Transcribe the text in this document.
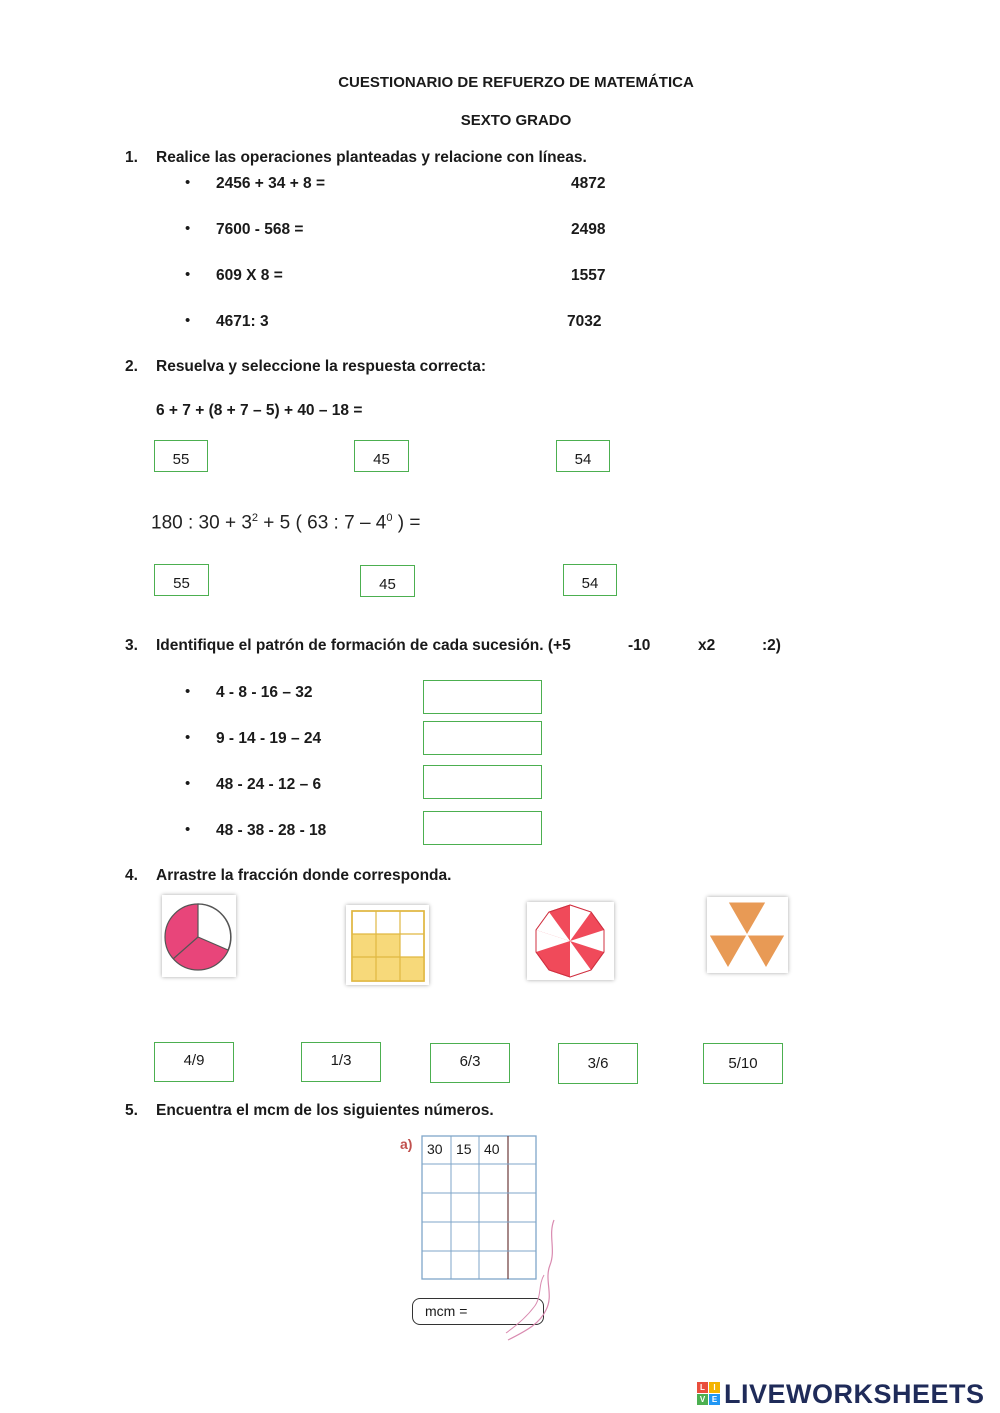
CUESTIONARIO DE REFUERZO DE MATEMÁTICA
SEXTO GRADO
1. Realice las operaciones planteadas y relacione con líneas.
• 2456 + 34 + 8 =	4872
• 7600 - 568 =	2498
• 609 X 8 =	1557
• 4671: 3	7032
2. Resuelva y seleccione la respuesta correcta:
6 + 7 + (8 + 7 – 5) + 40 – 18 =
55	45	54
180 : $30 + 3^2 + 5$ ( 63 : $7 - 4^0$ ) =
55	45	54
3. Identifique el patrón de formación de cada sucesión. (+5	-10	x2	:2)
• 4 - 8 - 16 – 32
• 9 - 14 - 19 – 24
• 48 - 24 - 12 – 6
• 48 - 38 - 28 - 18
4. Arrastre la fracción donde corresponda.
4/9	1/3	6/3	3/6	5/10
5. Encuentra el mcm de los siguientes números.
a) 30 15 40
mcm =
L	I
V E LIVEWORKSHEETS
